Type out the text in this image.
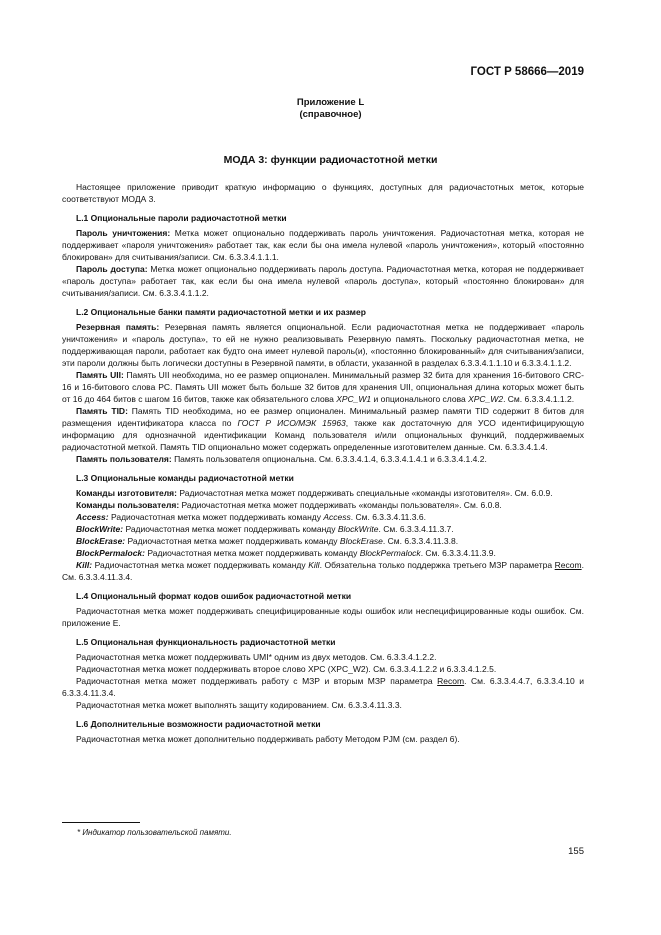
ГОСТ Р 58666—2019
Приложение L
(справочное)
МОДА 3: функции радиочастотной метки

Настоящее приложение приводит краткую информацию о функциях, доступных для радиочастотных меток, которые соответствуют МОДА 3.

L.1 Опциональные пароли радиочастотной метки

Пароль уничтожения: Метка может опционально поддерживать пароль уничтожения. Радиочастотная метка, которая не поддерживает «пароля уничтожения» работает так, как если бы она имела нулевой «пароль уничтожения», который «постоянно блокирован» для считывания/записи. См. 6.3.3.4.1.1.1.

Пароль доступа: Метка может опционально поддерживать пароль доступа. Радиочастотная метка, которая не поддерживает «пароль доступа» работает так, как если бы она имела нулевой «пароль доступа», который «постоянно блокирован» для считывания/записи. См. 6.3.3.4.1.1.2.

L.2 Опциональные банки памяти радиочастотной метки и их размер

Резервная память: Резервная память является опциональной. Если радиочастотная метка не поддерживает «пароль уничтожения» и «пароль доступа», то ей не нужно реализовывать Резервную память. Поскольку радиочастотная метка, не поддерживающая пароли, работает как будто она имеет нулевой пароль(и), «постоянно блокированный» для считывания/записи, эти пароли должны быть логически доступны в Резервной памяти, в области, указанной в разделах 6.3.3.4.1.1.10 и 6.3.3.4.1.1.2.

Память UII: Память UII необходима, но ее размер опционален. Минимальный размер 32 бита для хранения 16-битового CRC-16 и 16-битового слова PC. Память UII может быть больше 32 битов для хранения UII, опциональная длина которых может быть от 16 до 464 битов с шагом 16 битов, также как обязательного слова XPC_W1 и опционального слова XPC_W2. См. 6.3.3.4.1.1.2.

Память TID: Память TID необходима, но ее размер опционален. Минимальный размер памяти TID содержит 8 битов для размещения идентификатора класса по ГОСТ Р ИСО/МЭК 15963, также как достаточную для УСО идентифицирующую информацию для однозначной идентификации Команд пользователя и/или опциональных функций, поддерживаемых радиочастотной меткой. Память TID опционально может содержать определенные изготовителем данные. См. 6.3.3.4.1.4.

Память пользователя: Память пользователя опциональна. См. 6.3.3.4.1.4, 6.3.3.4.1.4.1 и 6.3.3.4.1.4.2.

L.3 Опциональные команды радиочастотной метки

Команды изготовителя: Радиочастотная метка может поддерживать специальные «команды изготовителя». См. 6.0.9.

Команды пользователя: Радиочастотная метка может поддерживать «команды пользователя». См. 6.0.8.

Access: Радиочастотная метка может поддерживать команду Access. См. 6.3.3.4.11.3.6.

BlockWrite: Радиочастотная метка может поддерживать команду BlockWrite. См. 6.3.3.4.11.3.7.

BlockErase: Радиочастотная метка может поддерживать команду BlockErase. См. 6.3.3.4.11.3.8.

BlockPermalock: Радиочастотная метка может поддерживать команду BlockPermalock. См. 6.3.3.4.11.3.9.

Kill: Радиочастотная метка может поддерживать команду Kill. Обязательна только поддержка третьего МЗР параметра Recom. См. 6.3.3.4.11.3.4.

L.4 Опциональный формат кодов ошибок радиочастотной метки

Радиочастотная метка может поддерживать специфицированные коды ошибок или неспецифицированные коды ошибок. См. приложение Е.

L.5 Опциональная функциональность радиочастотной метки

Радиочастотная метка может поддерживать UMI* одним из двух методов. См. 6.3.3.4.1.2.2.

Радиочастотная метка может поддерживать второе слово XPC (XPC_W2). См. 6.3.3.4.1.2.2 и 6.3.3.4.1.2.5.

Радиочастотная метка может поддерживать работу с МЗР и вторым МЗР параметра Recom. См. 6.3.3.4.4.7, 6.3.3.4.10 и 6.3.3.4.11.3.4.

Радиочастотная метка может выполнять защиту кодированием. См. 6.3.3.4.11.3.3.

L.6 Дополнительные возможности радиочастотной метки

Радиочастотная метка может дополнительно поддерживать работу Методом PJM (см. раздел 6).

* Индикатор пользовательской памяти.
155
